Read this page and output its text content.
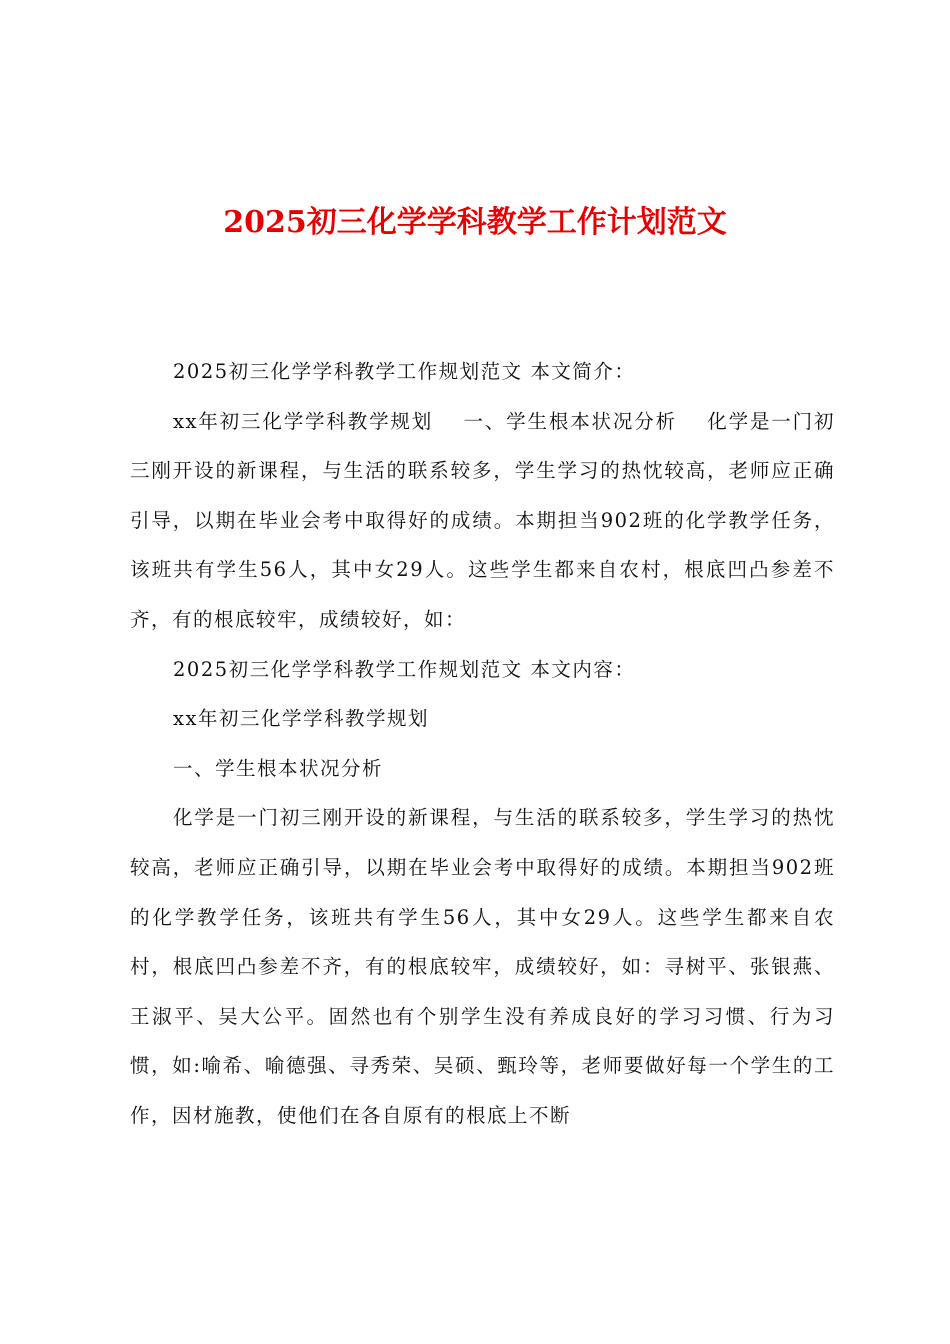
2025初三化学学科教学工作计划范文

2025初三化学学科教学工作规划范文 本文简介：

xx年初三化学学科教学规划 一、学生根本状况分析 化学是一门初三刚开设的新课程，与生活的联系较多，学生学习的热忱较高，老师应正确引导，以期在毕业会考中取得好的成绩。本期担当902班的化学教学任务，该班共有学生56人，其中女29人。这些学生都来自农村，根底凹凸参差不齐，有的根底较牢，成绩较好，如：

2025初三化学学科教学工作规划范文 本文内容：

xx年初三化学学科教学规划

一、学生根本状况分析

化学是一门初三刚开设的新课程，与生活的联系较多，学生学习的热忱较高，老师应正确引导，以期在毕业会考中取得好的成绩。本期担当902班的化学教学任务，该班共有学生56人，其中女29人。这些学生都来自农村，根底凹凸参差不齐，有的根底较牢，成绩较好，如：寻树平、张银燕、王淑平、吴大公平。固然也有个别学生没有养成良好的学习习惯、行为习惯，如:喻希、喻德强、寻秀荣、吴硕、甄玲等，老师要做好每一个学生的工作，因材施教，使他们在各自原有的根底上不断
